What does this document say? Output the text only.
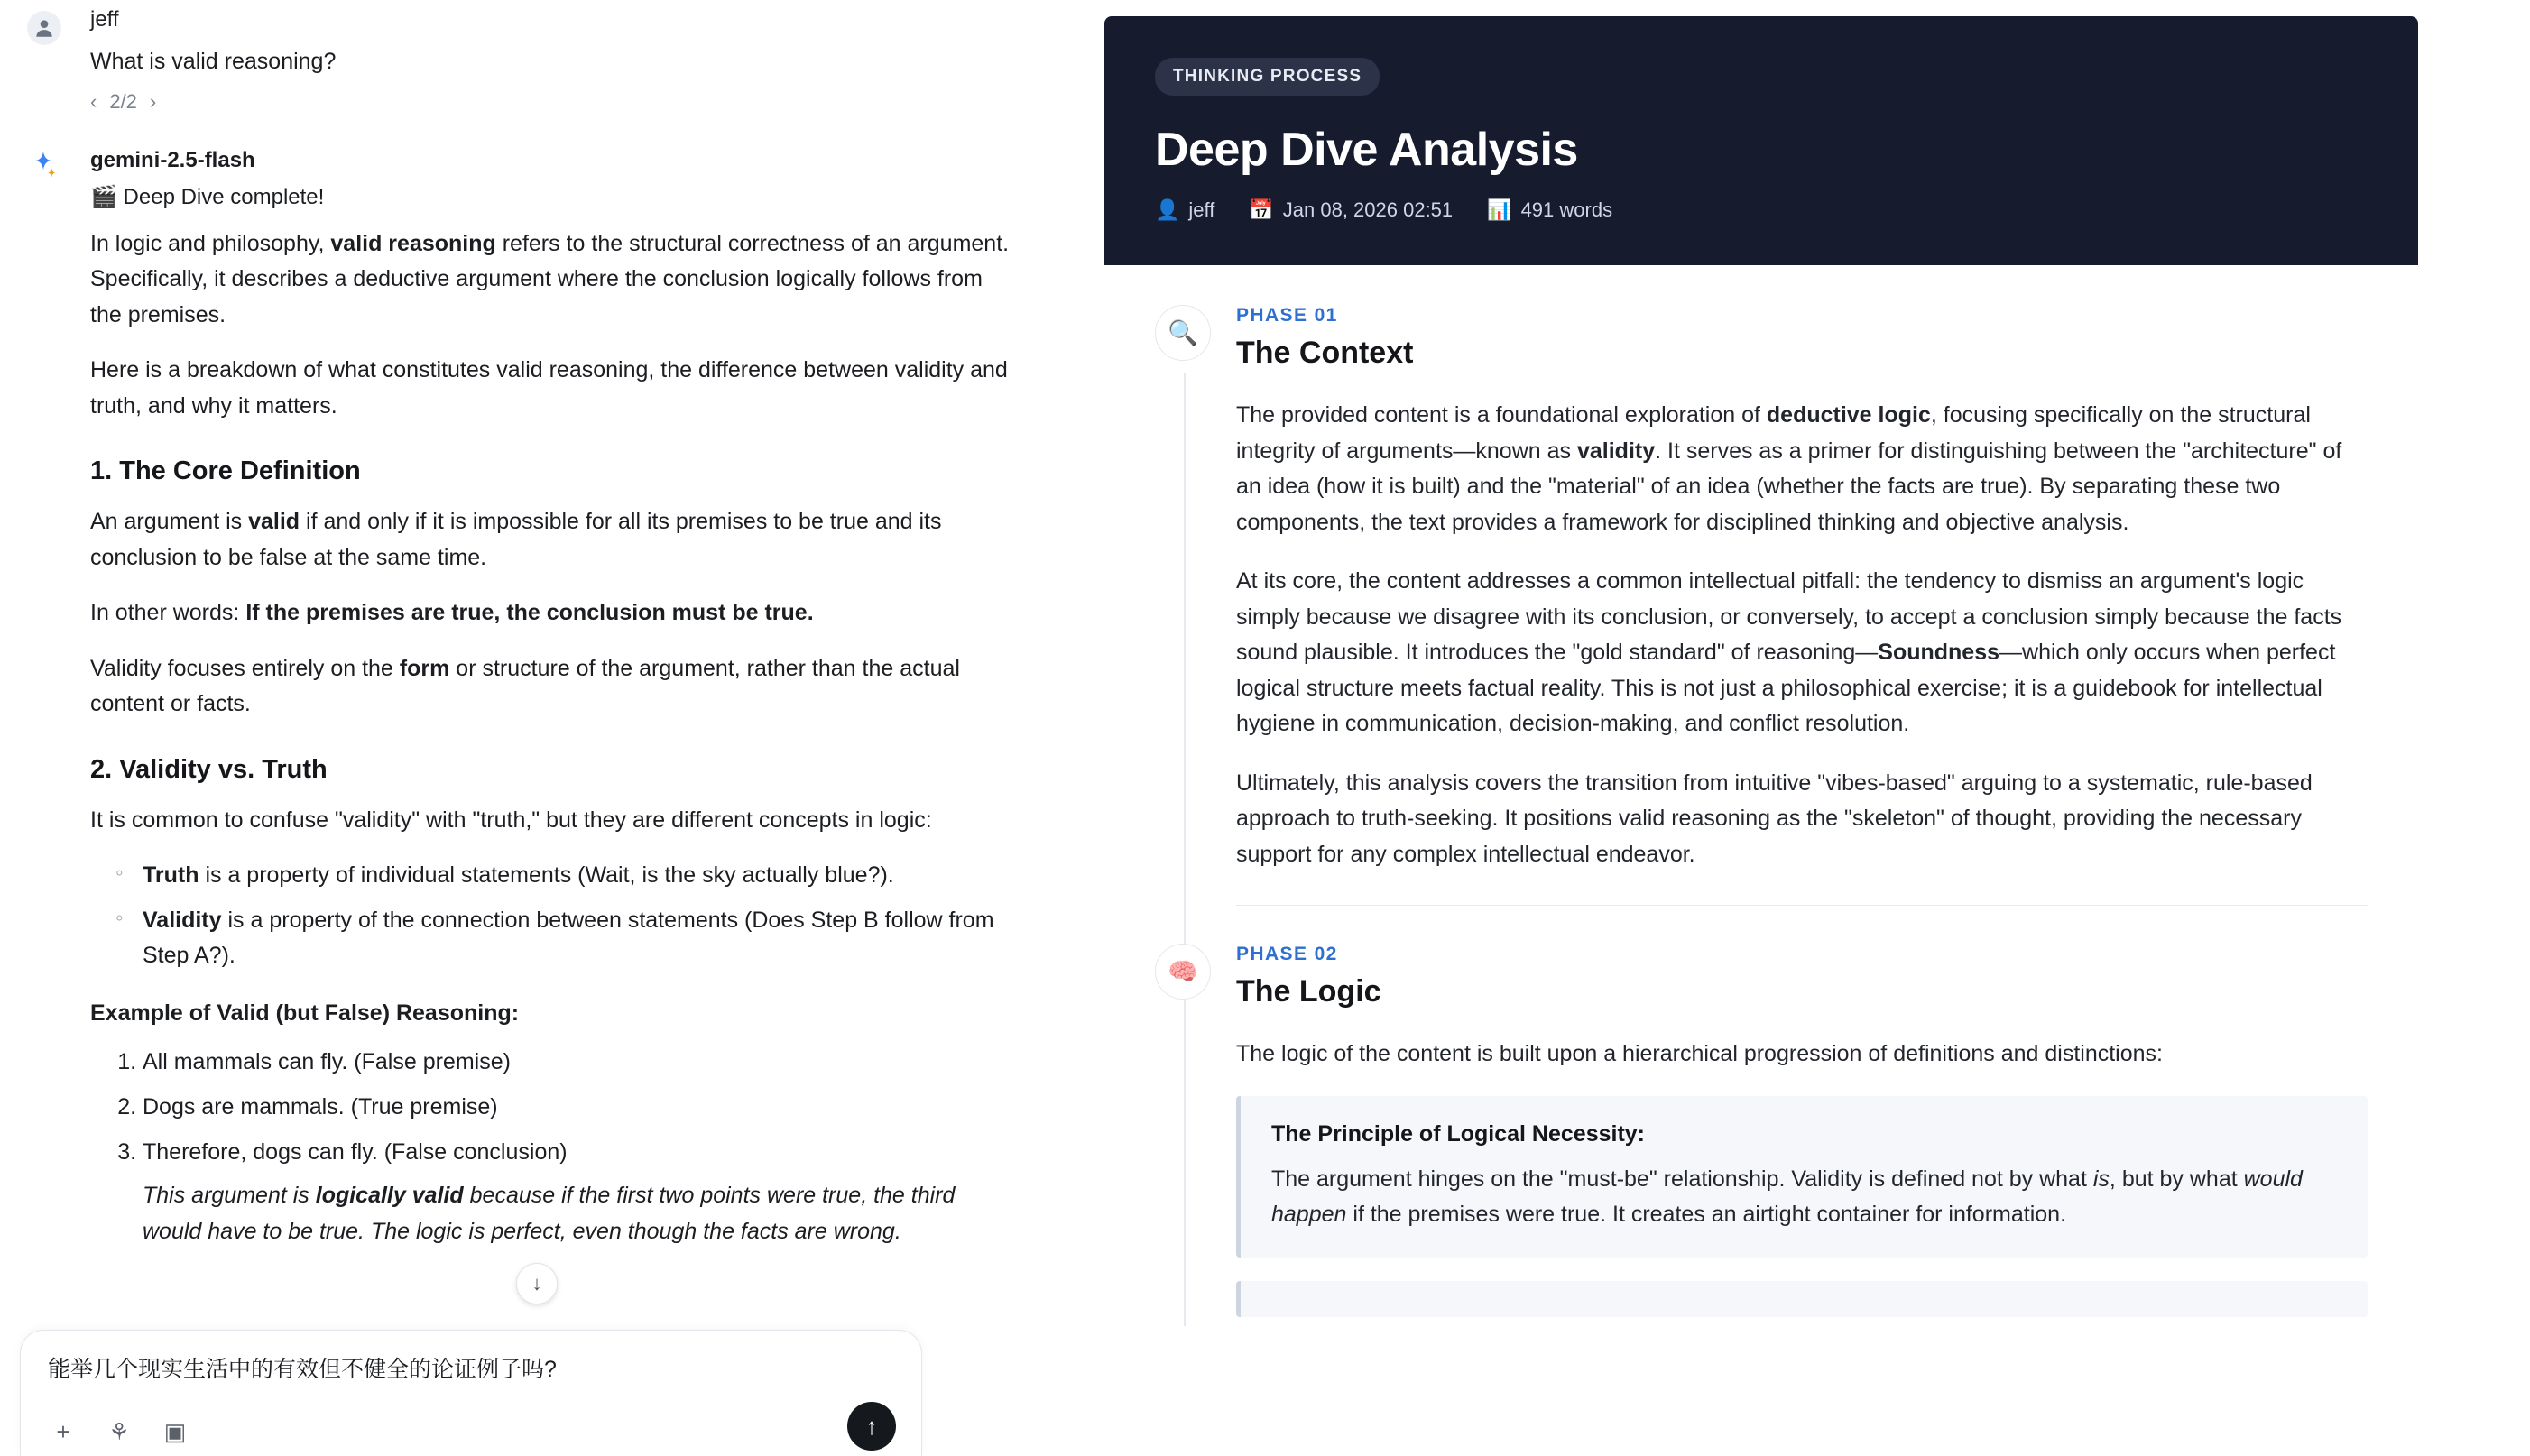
jeff
What is valid reasoning?
‹ 2/2 ›
gemini-2.5-flash
🎬 Deep Dive complete!

In logic and philosophy, valid reasoning refers to the structural correctness of an argument. Specifically, it describes a deductive argument where the conclusion logically follows from the premises.

Here is a breakdown of what constitutes valid reasoning, the difference between validity and truth, and why it matters.

1. The Core Definition

An argument is valid if and only if it is impossible for all its premises to be true and its conclusion to be false at the same time.

In other words: If the premises are true, the conclusion must be true.

Validity focuses entirely on the form or structure of the argument, rather than the actual content or facts.

2. Validity vs. Truth

It is common to confuse "validity" with "truth," but they are different concepts in logic:

◦ Truth is a property of individual statements (Wait, is the sky actually blue?).
◦ Validity is a property of the connection between statements (Does Step B follow from Step A?).
Example of Valid (but False) Reasoning:
1. All mammals can fly. (False premise)
2. Dogs are mammals. (True premise)
3. Therefore, dogs can fly. (False conclusion)
This argument is logically valid because if the first two points were true, the third would have to be true. The logic is perfect, even though the facts are wrong.
↓
能举几个现实生活中的有效但不健全的论证例子吗?
+	⚘ ▣	↑
THINKING PROCESS
Deep Dive Analysis
👤 jeff 📅 Jan 08, 2026 02:51 📊 491 words
🔍
PHASE 01
The Context

The provided content is a foundational exploration of deductive logic, focusing specifically on the structural integrity of arguments—known as validity. It serves as a primer for distinguishing between the "architecture" of an idea (how it is built) and the "material" of an idea (whether the facts are true). By separating these two components, the text provides a framework for disciplined thinking and objective analysis.

At its core, the content addresses a common intellectual pitfall: the tendency to dismiss an argument's logic simply because we disagree with its conclusion, or conversely, to accept a conclusion simply because the facts sound plausible. It introduces the "gold standard" of reasoning—Soundness—which only occurs when perfect logical structure meets factual reality. This is not just a philosophical exercise; it is a guidebook for intellectual hygiene in communication, decision-making, and conflict resolution.

Ultimately, this analysis covers the transition from intuitive "vibes-based" arguing to a systematic, rule-based approach to truth-seeking. It positions valid reasoning as the "skeleton" of thought, providing the necessary support for any complex intellectual endeavor.

🧠
PHASE 02
The Logic

The logic of the content is built upon a hierarchical progression of definitions and distinctions:

The Principle of Logical Necessity:

The argument hinges on the "must-be" relationship. Validity is defined not by what is, but by what would happen if the premises were true. It creates an airtight container for information.
